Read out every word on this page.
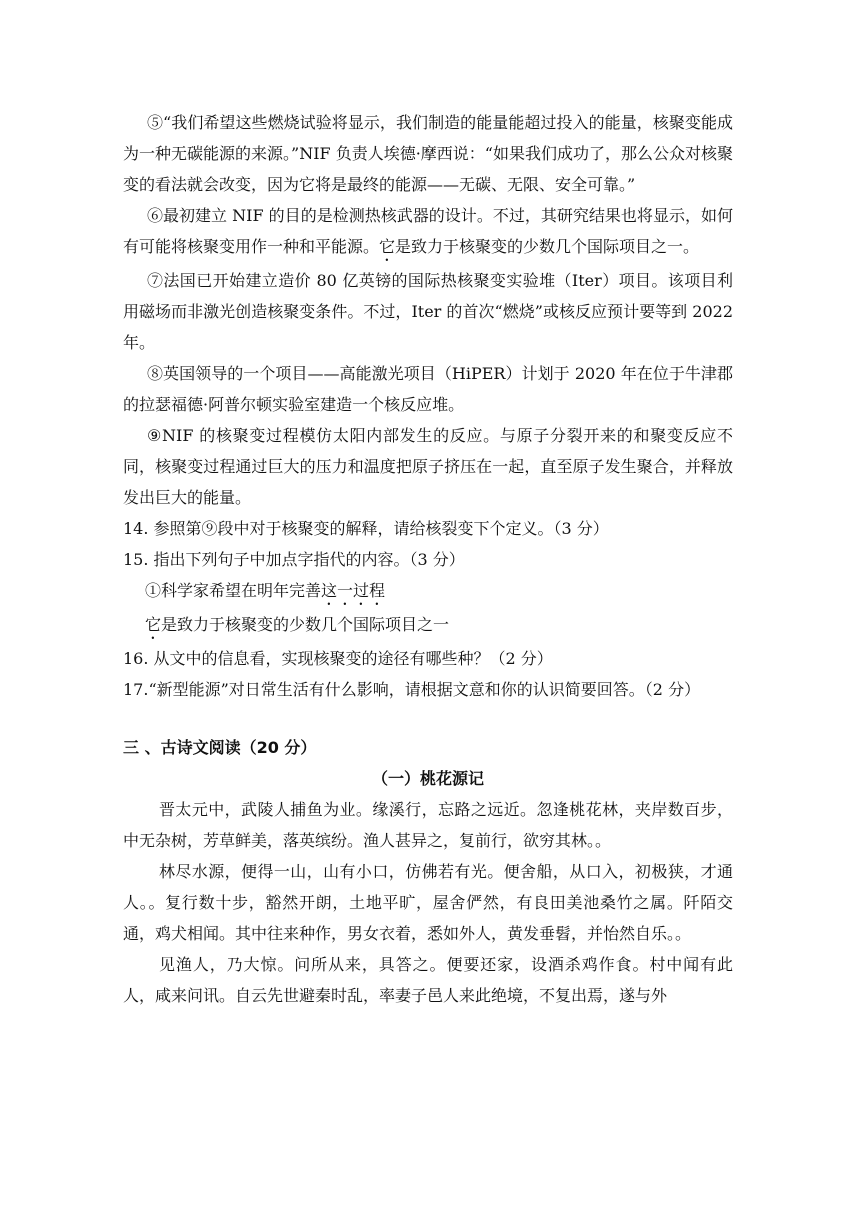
⑤“我们希望这些燃烧试验将显示，我们制造的能量能超过投入的能量，核聚变能成为一种无碳能源的来源。”NIF 负责人埃德·摩西说：“如果我们成功了，那么公众对核聚变的看法就会改变，因为它将是最终的能源——无碳、无限、安全可靠。”

⑥最初建立 NIF 的目的是检测热核武器的设计。不过，其研究结果也将显示，如何有可能将核聚变用作一种和平能源。它是致力于核聚变的少数几个国际项目之一。

⑦法国已开始建立造价 80 亿英镑的国际热核聚变实验堆（Iter）项目。该项目利用磁场而非激光创造核聚变条件。不过，Iter 的首次“燃烧”或核反应预计要等到 2022 年。

⑧英国领导的一个项目——高能激光项目（HiPER）计划于 2020 年在位于牛津郡的拉瑟福德·阿普尔顿实验室建造一个核反应堆。

⑨NIF 的核聚变过程模仿太阳内部发生的反应。与原子分裂开来的和聚变反应不同，核聚变过程通过巨大的压力和温度把原子挤压在一起，直至原子发生聚合，并释放发出巨大的能量。

14. 参照第⑨段中对于核聚变的解释，请给核裂变下个定义。（3 分）

15. 指出下列句子中加点字指代的内容。（3 分）

①科学家希望在明年完善这一过程

它是致力于核聚变的少数几个国际项目之一

16. 从文中的信息看，实现核聚变的途径有哪些种？（2 分）

17.“新型能源”对日常生活有什么影响，请根据文意和你的认识简要回答。（2 分）

三 、古诗文阅读（20 分）

（一）桃花源记

晋太元中，武陵人捕鱼为业。缘溪行，忘路之远近。忽逢桃花林，夹岸数百步，中无杂树，芳草鲜美，落英缤纷。渔人甚异之，复前行，欲穷其林。。

林尽水源，便得一山，山有小口，仿佛若有光。便舍船，从口入，初极狭，才通人。。复行数十步，豁然开朗，土地平旷，屋舍俨然，有良田美池桑竹之属。阡陌交通，鸡犬相闻。其中往来种作，男女衣着，悉如外人，黄发垂髫，并怡然自乐。。

见渔人，乃大惊。问所从来，具答之。便要还家，设酒杀鸡作食。村中闻有此人，咸来问讯。自云先世避秦时乱，率妻子邑人来此绝境，不复出焉，遂与外
